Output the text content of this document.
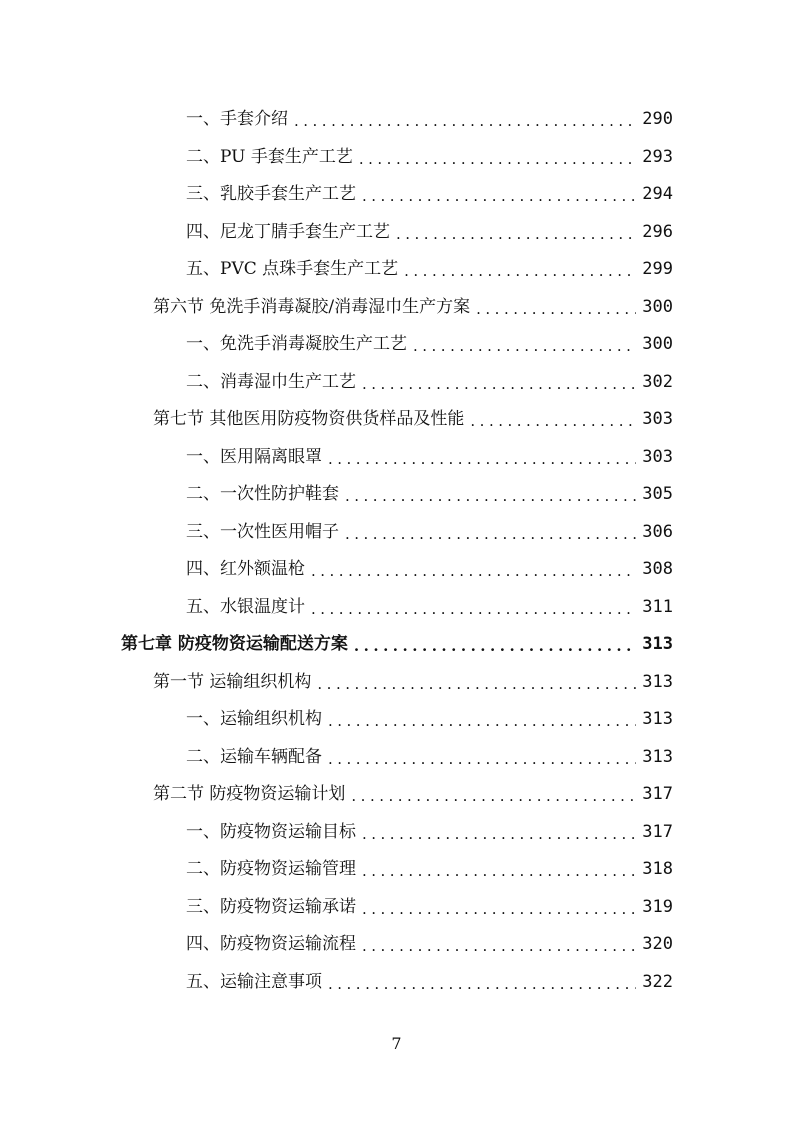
一、手套介绍 .....	290
二、PU 手套生产工艺 .....	293
三、乳胶手套生产工艺 .....	294
四、尼龙丁腈手套生产工艺 .....	296
五、PVC 点珠手套生产工艺 .....	299
第六节 免洗手消毒凝胶/消毒湿巾生产方案 .....	300
一、免洗手消毒凝胶生产工艺 .....	300
二、消毒湿巾生产工艺 .....	302
第七节 其他医用防疫物资供货样品及性能 .....	303
一、医用隔离眼罩 .....	303
二、一次性防护鞋套 .....	305
三、一次性医用帽子 .....	306
四、红外额温枪 .....	308
五、水银温度计 .....	311
第七章 防疫物资运输配送方案 .....	313
第一节 运输组织机构 .....	313
一、运输组织机构 .....	313
二、运输车辆配备 .....	313
第二节 防疫物资运输计划 .....	317
一、防疫物资运输目标 .....	317
二、防疫物资运输管理 .....	318
三、防疫物资运输承诺 .....	319
四、防疫物资运输流程 .....	320
五、运输注意事项 .....	322
7
